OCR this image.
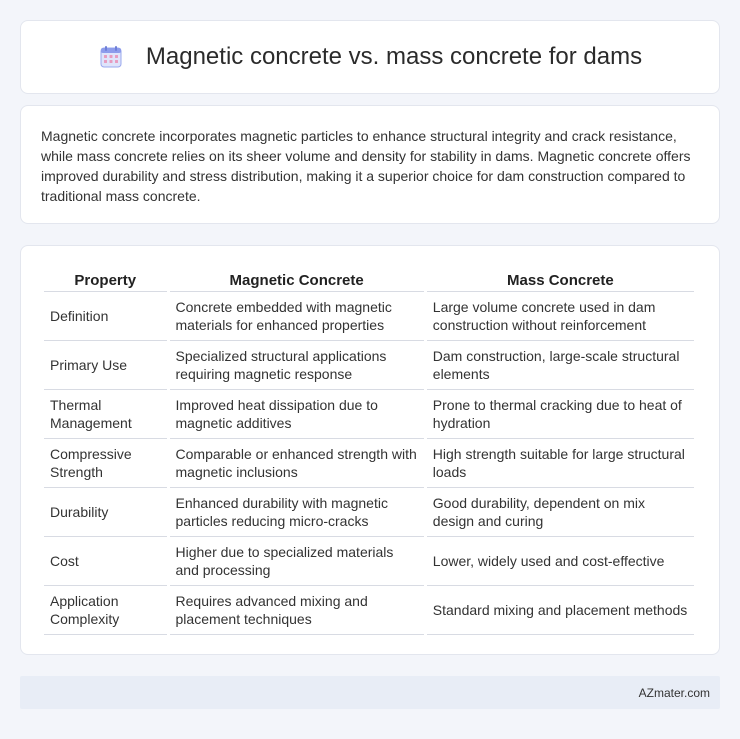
Magnetic concrete vs. mass concrete for dams

Magnetic concrete incorporates magnetic particles to enhance structural integrity and crack resistance, while mass concrete relies on its sheer volume and density for stability in dams. Magnetic concrete offers improved durability and stress distribution, making it a superior choice for dam construction compared to traditional mass concrete.

Property	Magnetic Concrete	Mass Concrete
Definition	Concrete embedded with magnetic materials for enhanced properties	Large volume concrete used in dam construction without reinforcement
Primary Use	Specialized structural applications requiring magnetic response	Dam construction, large-scale structural elements
Thermal Management	Improved heat dissipation due to magnetic additives	Prone to thermal cracking due to heat of hydration
Compressive Strength	Comparable or enhanced strength with magnetic inclusions	High strength suitable for large structural loads
Durability	Enhanced durability with magnetic particles reducing micro-cracks	Good durability, dependent on mix design and curing
Cost	Higher due to specialized materials and processing	Lower, widely used and cost-effective
Application Complexity	Requires advanced mixing and placement techniques	Standard mixing and placement methods
AZmater.com
